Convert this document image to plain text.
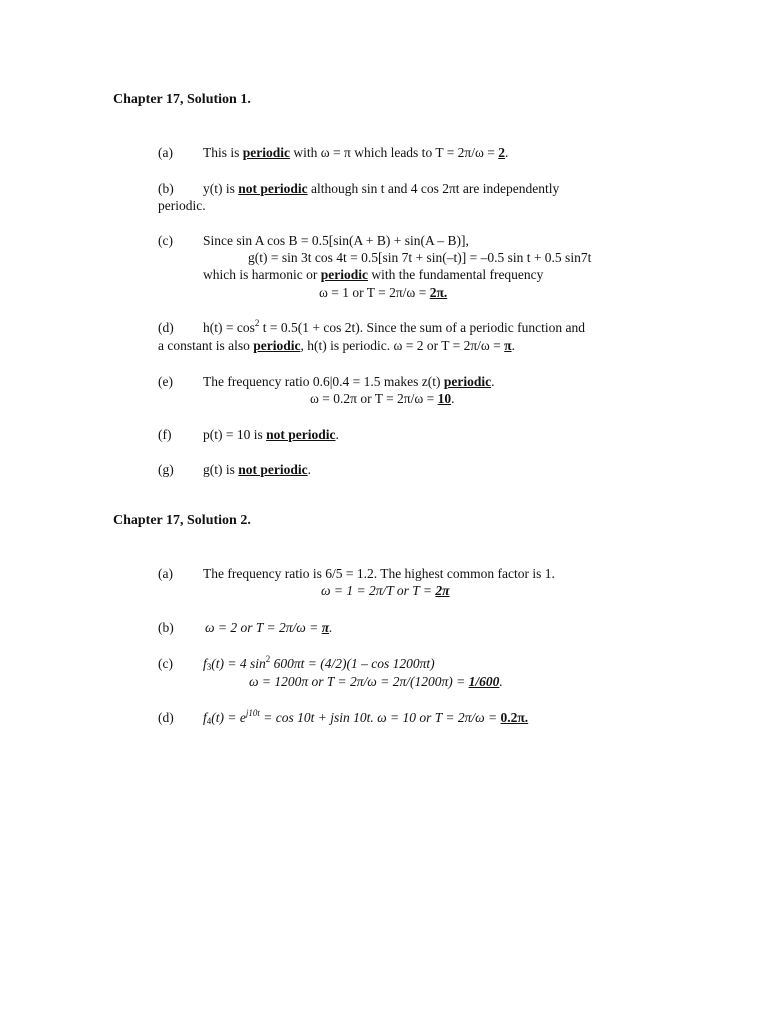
Chapter 17, Solution 1.
(a) This is periodic with ω = π which leads to T = 2π/ω = 2.
(b) y(t) is not periodic although sin t and 4 cos 2πt are independently
periodic.
(c) Since sin A cos B = 0.5[sin(A + B) + sin(A – B)],
g(t) = sin 3t cos 4t = 0.5[sin 7t + sin(–t)] = –0.5 sin t + 0.5 sin7t
which is harmonic or periodic with the fundamental frequency
ω = 1 or T = 2π/ω = 2π.
(d) $h(t) = \cos^2 t = 0.5(1 + \cos 2t)$. Since the sum of a periodic function and
a constant is also periodic, h(t) is periodic. ω = 2 or T = 2π/ω = π.
(e) The frequency ratio 0.6|0.4 = 1.5 makes z(t) periodic.
ω = 0.2π or T = 2π/ω = 10.
(f) p(t) = 10 is not periodic.
(g) g(t) is not periodic.
Chapter 17, Solution 2.
(a) The frequency ratio is 6/5 = 1.2. The highest common factor is 1.
ω = 1 = 2π/T or T = 2π
(b) ω = 2 or T = 2π/ω = π.
(c) $f_3(t) = 4$ $\sin^2 600\pi t = (4/2)(1 - \cos 1200\pi t)$
ω = 1200π or T = 2π/ω = 2π/(1200π) = 1/600.
(d) $f_4(t) = e^{j10t} = \cos 10t + jsin$ 10t. ω = 10 or T = 2π/ω = 0.2π.
